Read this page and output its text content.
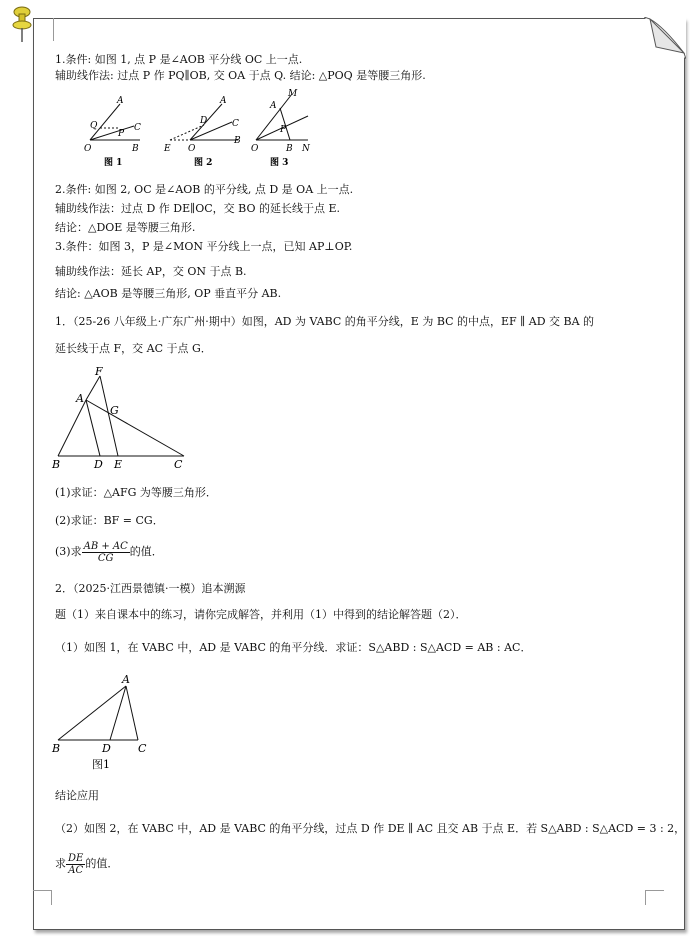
1.条件: 如图 1, 点 P 是∠AOB 平分线 OC 上一点.
辅助线作法: 过点 P 作 PQ∥OB, 交 OA 于点 Q. 结论: △POQ 是等腰三角形.
A
Q
P
C
O	B
图 1
A
D	C
E O
B
图 2
M
A
P
O	B N
图 3
2.条件: 如图 2, OC 是∠AOB 的平分线, 点 D 是 OA 上一点.
辅助线作法：过点 D 作 DE∥OC，交 BO 的延长线于点 E.
结论：△DOE 是等腰三角形.
3.条件：如图 3，P 是∠MON 平分线上一点，已知 AP⊥OP.
辅助线作法：延长 AP，交 ON 于点 B.
结论: △AOB 是等腰三角形, OP 垂直平分 AB.
1．（25-26 八年级上·广东广州·期中）如图，AD 为 VABC 的角平分线，E 为 BC 的中点，EF ∥ AD 交 BA 的
延长线于点 F，交 AC 于点 G．
F
A
G
B	D E	C
(1)求证：△AFG 为等腰三角形．
(2)求证：BF = CG．
(3)求 $\frac{AB + AC}{CG}$ 的值．
2．（2025·江西景德镇·一模）追本溯源
题（1）来自课本中的练习，请你完成解答，并利用（1）中得到的结论解答题（2）．
（1）如图 1，在 VABC 中，AD 是 VABC 的角平分线．求证：S△ABD : S△ACD = AB : AC．
A
B	D C
图1
结论应用
（2）如图 2，在 VABC 中，AD 是 VABC 的角平分线，过点 D 作 DE ∥ AC 且交 AB 于点 E．若 S△ABD : S△ACD = 3 : 2，
求 $\frac{DE}{AC}$ 的值．
